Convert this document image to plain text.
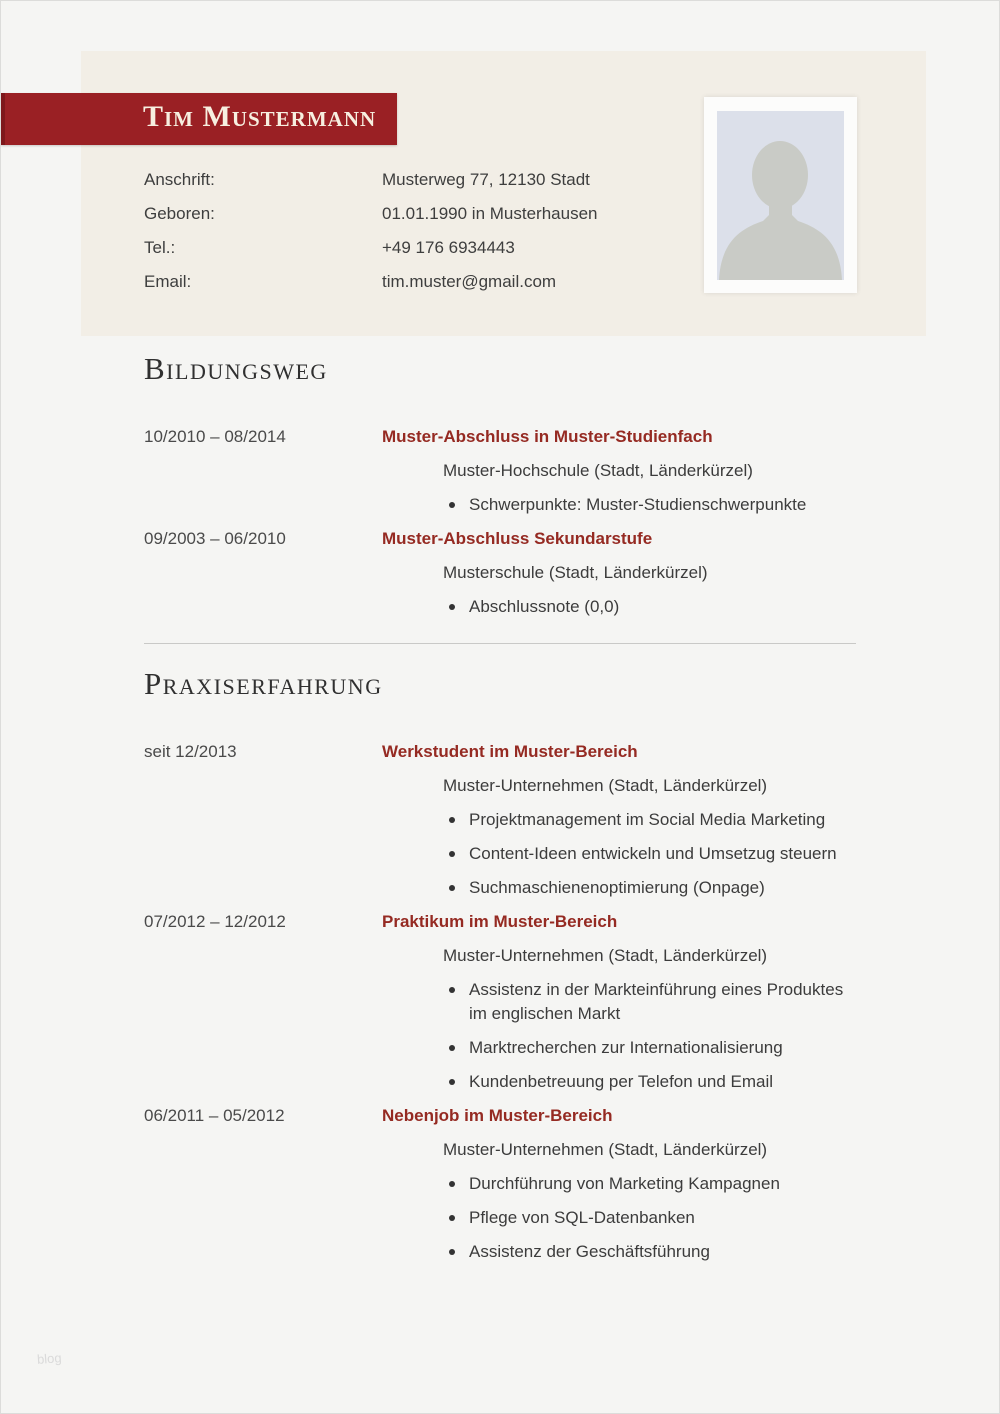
Tim Mustermann
Anschrift:	Musterweg 77, 12130 Stadt
Geboren:	01.01.1990 in Musterhausen
Tel.:	+49 176 6934443
Email:	tim.muster@gmail.com
Bildungsweg
10/2010 – 08/2014	Muster-Abschluss in Muster-Studienfach
Muster-Hochschule (Stadt, Länderkürzel)
Schwerpunkte: Muster-Studienschwerpunkte
09/2003 – 06/2010	Muster-Abschluss Sekundarstufe
Musterschule (Stadt, Länderkürzel)
Abschlussnote (0,0)
Praxiserfahrung
seit 12/2013	Werkstudent im Muster-Bereich
Muster-Unternehmen (Stadt, Länderkürzel)
Projektmanagement im Social Media Marketing
Content-Ideen entwickeln und Umsetzug steuern
Suchmaschienenoptimierung (Onpage)
07/2012 – 12/2012	Praktikum im Muster-Bereich
Muster-Unternehmen (Stadt, Länderkürzel)
Assistenz in der Markteinführung eines Produktes im englischen Markt
Marktrecherchen zur Internationalisierung
Kundenbetreuung per Telefon und Email
06/2011 – 05/2012	Nebenjob im Muster-Bereich
Muster-Unternehmen (Stadt, Länderkürzel)
Durchführung von Marketing Kampagnen
Pflege von SQL-Datenbanken
Assistenz der Geschäftsführung
blog
